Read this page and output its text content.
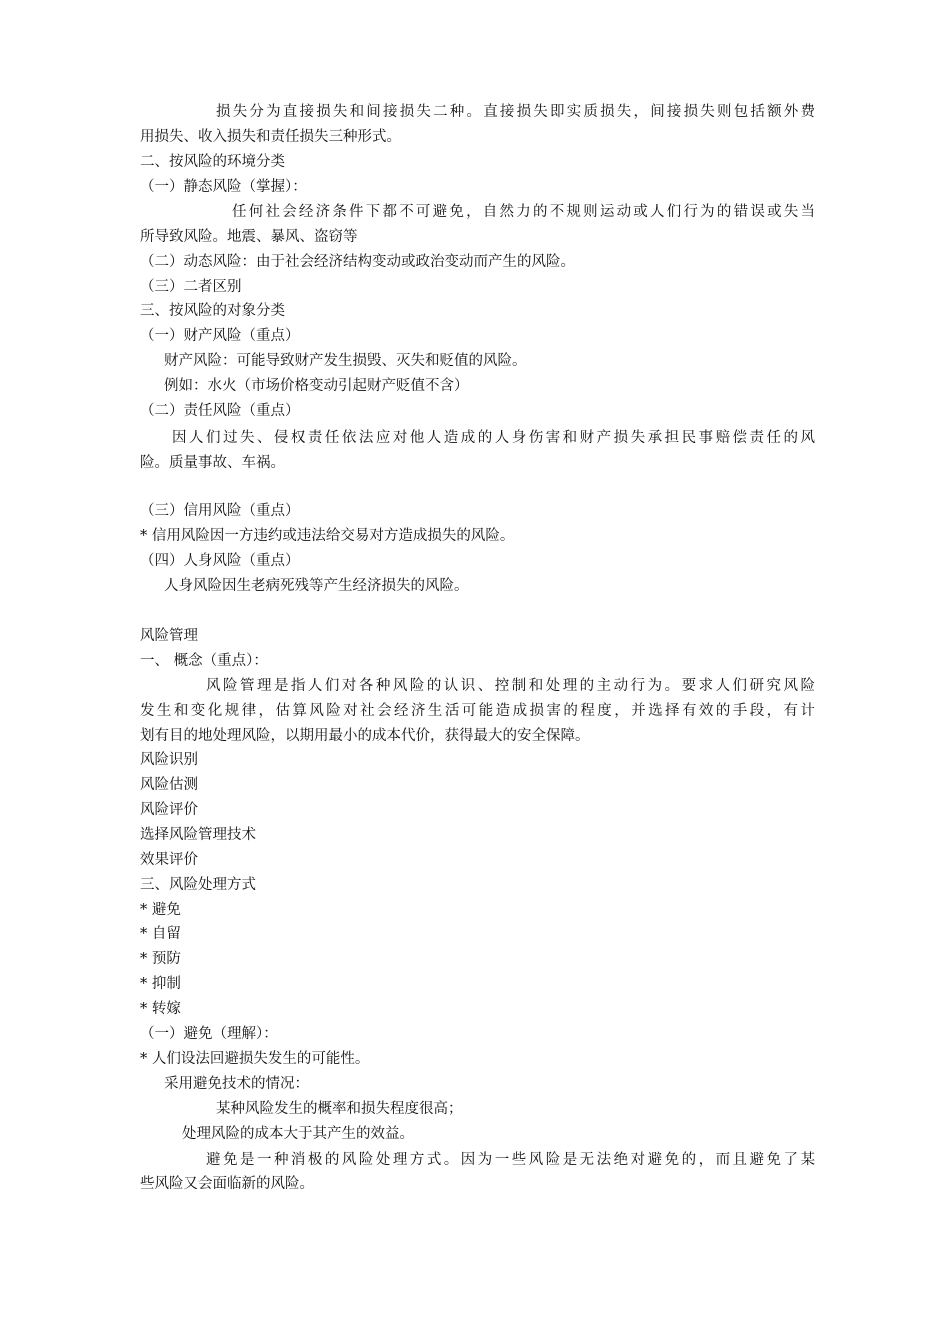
损失分为直接损失和间接损失二种。直接损失即实质损失，间接损失则包括额外费
用损失、收入损失和责任损失三种形式。
二、按风险的环境分类
（一）静态风险（掌握）：
任何社会经济条件下都不可避免，自然力的不规则运动或人们行为的错误或失当
所导致风险。地震、暴风、盗窃等
（二）动态风险：由于社会经济结构变动或政治变动而产生的风险。
（三）二者区别
三、按风险的对象分类
（一）财产风险（重点）
财产风险：可能导致财产发生损毁、灭失和贬值的风险。
例如：水火（市场价格变动引起财产贬值不含）
（二）责任风险（重点）
因人们过失、侵权责任依法应对他人造成的人身伤害和财产损失承担民事赔偿责任的风
险。质量事故、车祸。
（三）信用风险（重点）
* 信用风险因一方违约或违法给交易对方造成损失的风险。
（四）人身风险（重点）
人身风险因生老病死残等产生经济损失的风险。
风险管理
一、 概念（重点）：
风险管理是指人们对各种风险的认识、控制和处理的主动行为。要求人们研究风险
发生和变化规律，估算风险对社会经济生活可能造成损害的程度，并选择有效的手段，有计
划有目的地处理风险，以期用最小的成本代价，获得最大的安全保障。
风险识别
风险估测
风险评价
选择风险管理技术
效果评价
三、风险处理方式
* 避免
* 自留
* 预防
* 抑制
* 转嫁
（一）避免（理解）：
* 人们设法回避损失发生的可能性。
采用避免技术的情况：
某种风险发生的概率和损失程度很高；
处理风险的成本大于其产生的效益。
避免是一种消极的风险处理方式。因为一些风险是无法绝对避免的，而且避免了某
些风险又会面临新的风险。
